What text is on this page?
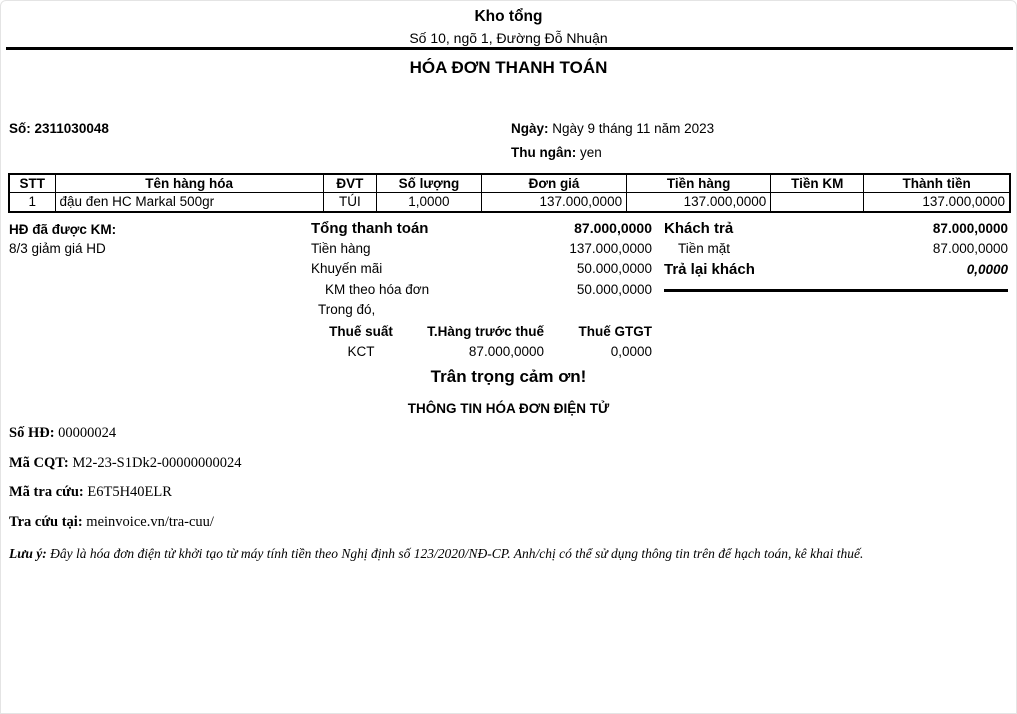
Kho tổng
Số 10, ngõ 1, Đường Đỗ Nhuận
HÓA ĐƠN THANH TOÁN
Số: 2311030048	Ngày: Ngày 9 tháng 11 năm 2023
Thu ngân: yen
STT	Tên hàng hóa	ĐVT	Số lượng	Đơn giá	Tiền hàng	Tiền KM	Thành tiền
1	đậu đen HC Markal 500gr	TÚI	1,0000	137.000,0000	137.000,0000		137.000,0000
HĐ đã được KM:
8/3 giảm giá HD
Tổng thanh toán	87.000,0000
Tiền hàng	137.000,0000
Khuyến mãi	50.000,0000
KM theo hóa đơn	50.000,0000
Trong đó,
Thuế suất	T.Hàng trước thuế	Thuế GTGT
KCT	87.000,0000	0,0000
Khách trả	87.000,0000
Tiền mặt	87.000,0000
Trả lại khách	0,0000
Trân trọng cảm ơn!
THÔNG TIN HÓA ĐƠN ĐIỆN TỬ
Số HĐ: 00000024
Mã CQT: M2-23-S1Dk2-00000000024
Mã tra cứu: E6T5H40ELR
Tra cứu tại: meinvoice.vn/tra-cuu/
Lưu ý: Đây là hóa đơn điện tử khởi tạo từ máy tính tiền theo Nghị định số 123/2020/NĐ-CP. Anh/chị có thể sử dụng thông tin trên để hạch toán, kê khai thuế.
